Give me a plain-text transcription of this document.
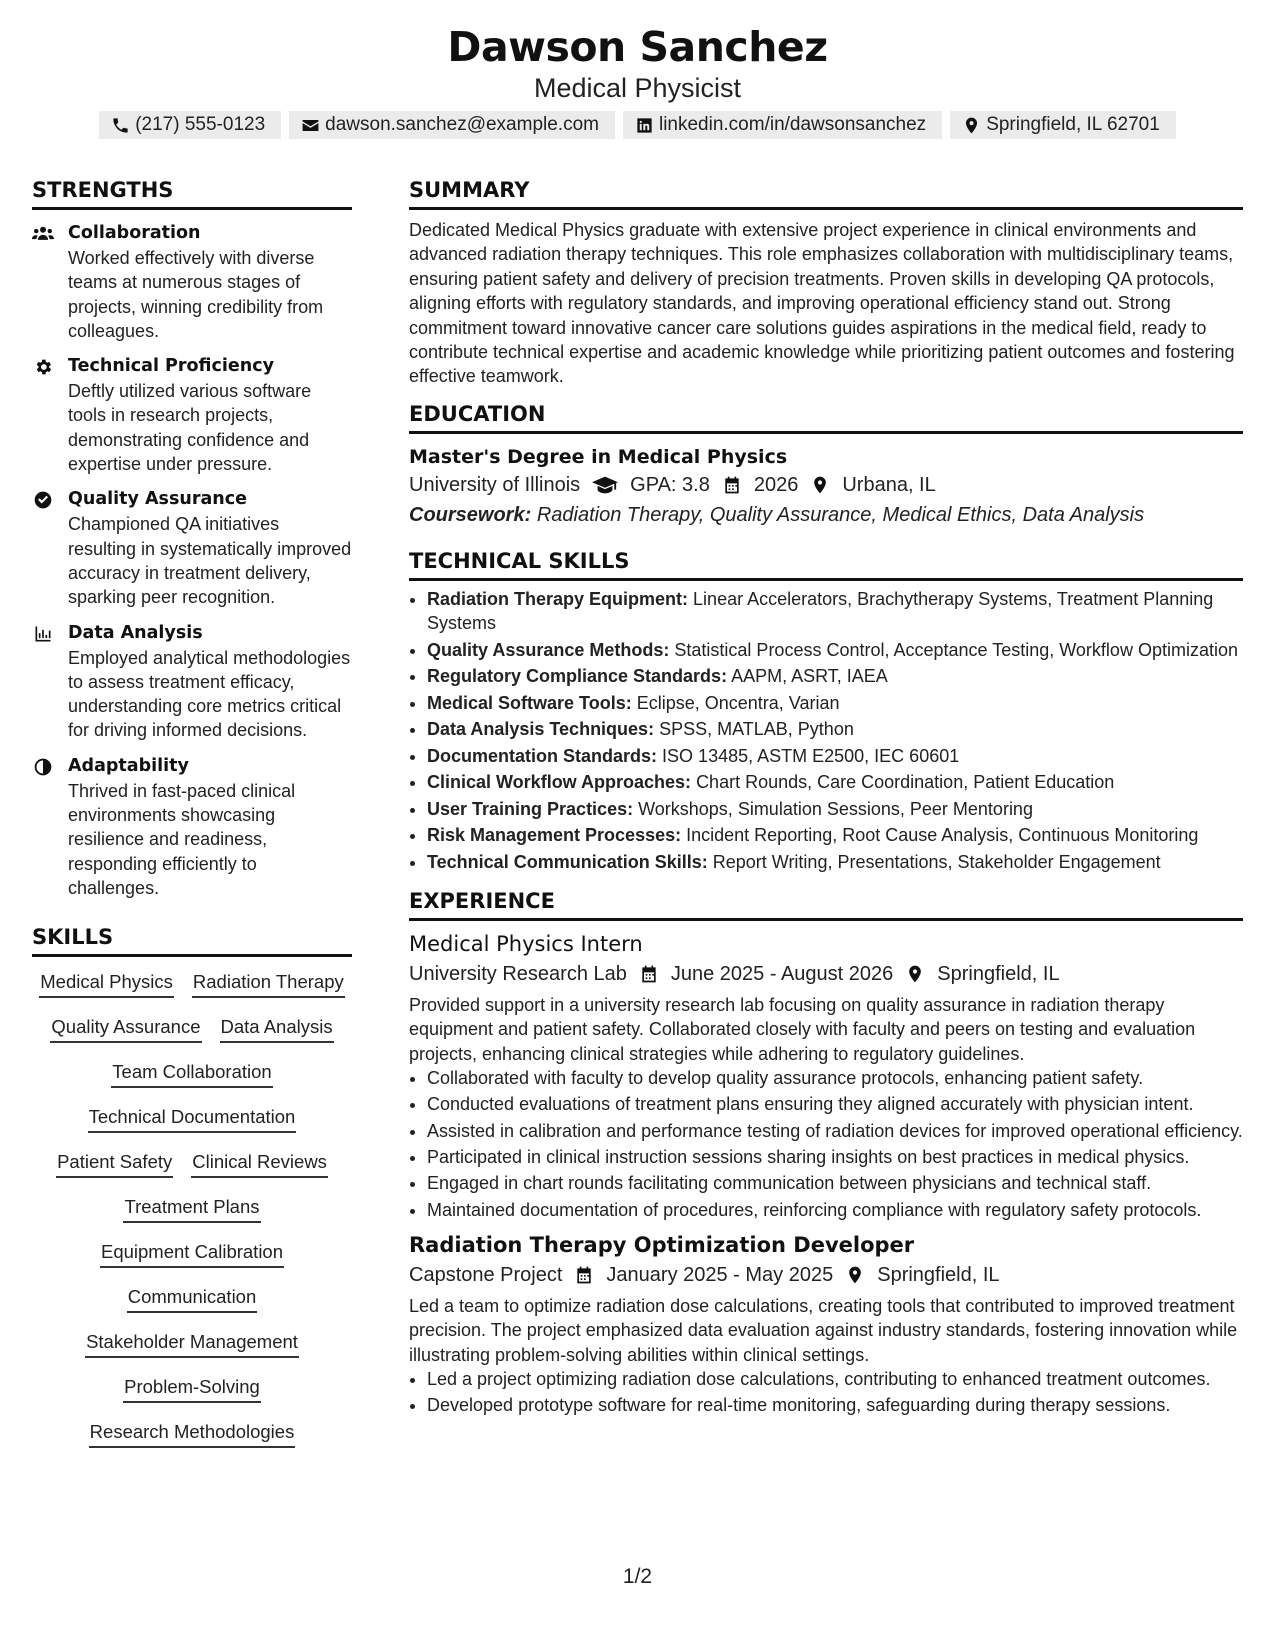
Dawson Sanchez
Medical Physicist
(217) 555-0123	dawson.sanchez@example.com	linkedin.com/in/dawsonsanchez	Springfield, IL 62701
STRENGTHS
Collaboration
Worked effectively with diverse teams at numerous stages of projects, winning credibility from colleagues.
Technical Proficiency
Deftly utilized various software tools in research projects, demonstrating confidence and expertise under pressure.
Quality Assurance
Championed QA initiatives resulting in systematically improved accuracy in treatment delivery, sparking peer recognition.
Data Analysis
Employed analytical methodologies to assess treatment efficacy, understanding core metrics critical for driving informed decisions.
Adaptability
Thrived in fast-paced clinical environments showcasing resilience and readiness, responding efficiently to challenges.
SKILLS
Medical Physics Radiation Therapy
Quality Assurance Data Analysis
Team Collaboration
Technical Documentation
Patient Safety Clinical Reviews
Treatment Plans
Equipment Calibration
Communication
Stakeholder Management
Problem-Solving
Research Methodologies
SUMMARY
Dedicated Medical Physics graduate with extensive project experience in clinical environments and advanced radiation therapy techniques. This role emphasizes collaboration with multidisciplinary teams, ensuring patient safety and delivery of precision treatments. Proven skills in developing QA protocols, aligning efforts with regulatory standards, and improving operational efficiency stand out. Strong commitment toward innovative cancer care solutions guides aspirations in the medical field, ready to contribute technical expertise and academic knowledge while prioritizing patient outcomes and fostering effective teamwork.
EDUCATION
Master's Degree in Medical Physics
University of Illinois	GPA: 3.8 2026 Urbana, IL
Coursework: Radiation Therapy, Quality Assurance, Medical Ethics, Data Analysis
TECHNICAL SKILLS
• Radiation Therapy Equipment: Linear Accelerators, Brachytherapy Systems, Treatment Planning Systems
• Quality Assurance Methods: Statistical Process Control, Acceptance Testing, Workflow Optimization
• Regulatory Compliance Standards: AAPM, ASRT, IAEA
• Medical Software Tools: Eclipse, Oncentra, Varian
• Data Analysis Techniques: SPSS, MATLAB, Python
• Documentation Standards: ISO 13485, ASTM E2500, IEC 60601
• Clinical Workflow Approaches: Chart Rounds, Care Coordination, Patient Education
• User Training Practices: Workshops, Simulation Sessions, Peer Mentoring
• Risk Management Processes: Incident Reporting, Root Cause Analysis, Continuous Monitoring
• Technical Communication Skills: Report Writing, Presentations, Stakeholder Engagement
EXPERIENCE
Medical Physics Intern
University Research Lab June 2025 - August 2026 Springfield, IL
Provided support in a university research lab focusing on quality assurance in radiation therapy equipment and patient safety. Collaborated closely with faculty and peers on testing and evaluation projects, enhancing clinical strategies while adhering to regulatory guidelines.
• Collaborated with faculty to develop quality assurance protocols, enhancing patient safety.
• Conducted evaluations of treatment plans ensuring they aligned accurately with physician intent.
• Assisted in calibration and performance testing of radiation devices for improved operational efficiency.
• Participated in clinical instruction sessions sharing insights on best practices in medical physics.
• Engaged in chart rounds facilitating communication between physicians and technical staff.
• Maintained documentation of procedures, reinforcing compliance with regulatory safety protocols.
Radiation Therapy Optimization Developer
Capstone Project January 2025 - May 2025 Springfield, IL
Led a team to optimize radiation dose calculations, creating tools that contributed to improved treatment precision. The project emphasized data evaluation against industry standards, fostering innovation while illustrating problem-solving abilities within clinical settings.
• Led a project optimizing radiation dose calculations, contributing to enhanced treatment outcomes.
• Developed prototype software for real-time monitoring, safeguarding during therapy sessions.
1/2
